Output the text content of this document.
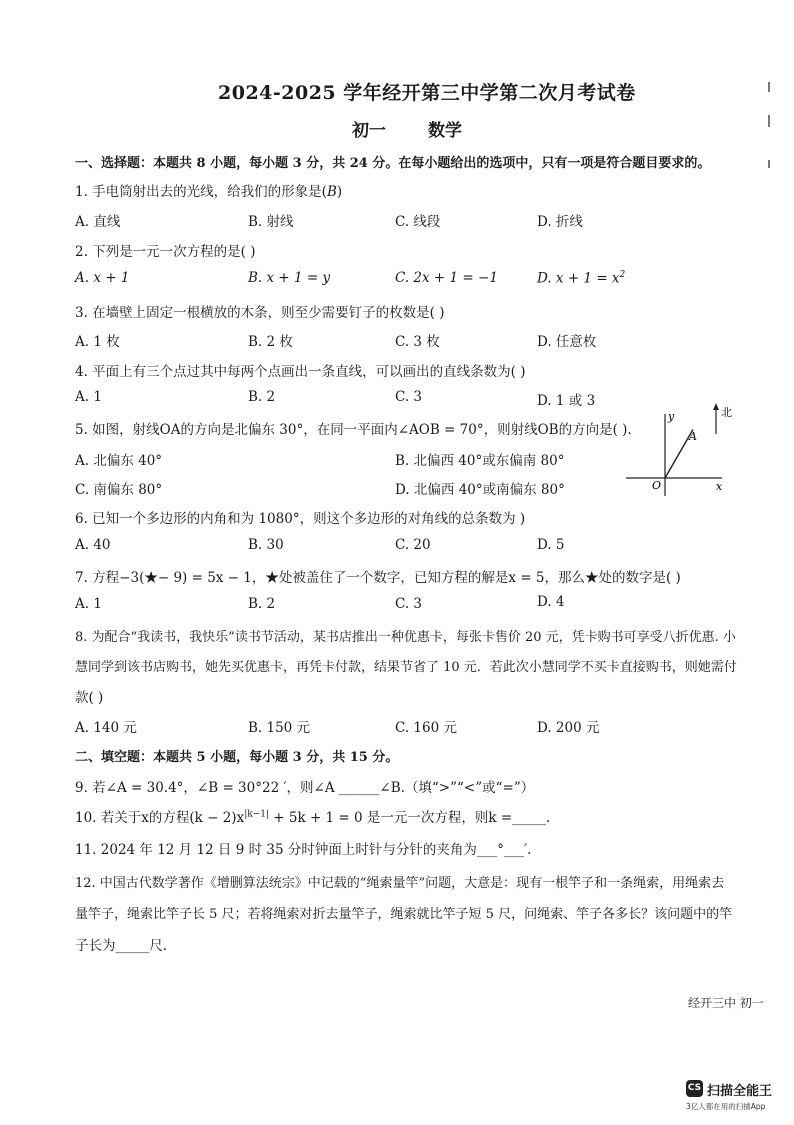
2024-2025 学年经开第三中学第二次月考试卷
初一 数学
一、选择题：本题共 8 小题，每小题 3 分，共 24 分。在每小题给出的选项中，只有一项是符合题目要求的。
1. 手电筒射出去的光线，给我们的形象是(B)
A. 直线	B. 射线	C. 线段	D. 折线
2. 下列是一元一次方程的是( )
A. x + 1	B. x + 1 = y	C. 2x + 1 = −1	D. $x + 1 = x^2$
3. 在墙壁上固定一根横放的木条，则至少需要钉子的枚数是( )
A. 1 枚	B. 2 枚	C. 3 枚	D. 任意枚
4. 平面上有三个点过其中每两个点画出一条直线，可以画出的直线条数为( )
A. 1	B. 2	C. 3	D. 1 或 3
5. 如图，射线OA的方向是北偏东 30°，在同一平面内∠AOB = 70°，则射线OB的方向是( ).
A. 北偏东 40°	B. 北偏西 40°或东偏南 80°
C. 南偏东 80°	D. 北偏西 40°或南偏东 80°
y
A
O	x
北
6. 已知一个多边形的内角和为 1080°，则这个多边形的对角线的总条数为 )
A. 40	B. 30	C. 20	D. 5
7. 方程−3(★− 9) = 5x − 1，★处被盖住了一个数字，已知方程的解是x = 5，那么★处的数字是( )
A. 1	B. 2	C. 3	D. 4
8. 为配合“我读书，我快乐”读书节活动，某书店推出一种优惠卡，每张卡售价 20 元，凭卡购书可享受八折优惠. 小
慧同学到该书店购书，她先买优惠卡，再凭卡付款，结果节省了 10 元．若此次小慧同学不买卡直接购书，则她需付
款( )
A. 140 元	B. 150 元	C. 160 元	D. 200 元
二、填空题：本题共 5 小题，每小题 3 分，共 15 分。
9. 若∠A = 30.4°，∠B = 30°22 ′，则∠A ______∠B.（填“>”“<”或“=”）
10. 若关于x的方程$(k - 2)x^{|k-1|} + 5k + 1 = 0$ 是一元一次方程，则k =_____.
11. 2024 年 12 月 12 日 9 时 35 分时钟面上时针与分针的夹角为___°___′.
12. 中国古代数学著作《增删算法统宗》中记载的“绳索量竿”问题，大意是：现有一根竿子和一条绳索，用绳索去
量竿子，绳索比竿子长 5 尺；若将绳索对折去量竿子，绳索就比竿子短 5 尺，问绳索、竿子各多长？该问题中的竿
子长为_____尺.
经开三中 初一
CS 扫描全能王
3亿人都在用的扫描App
